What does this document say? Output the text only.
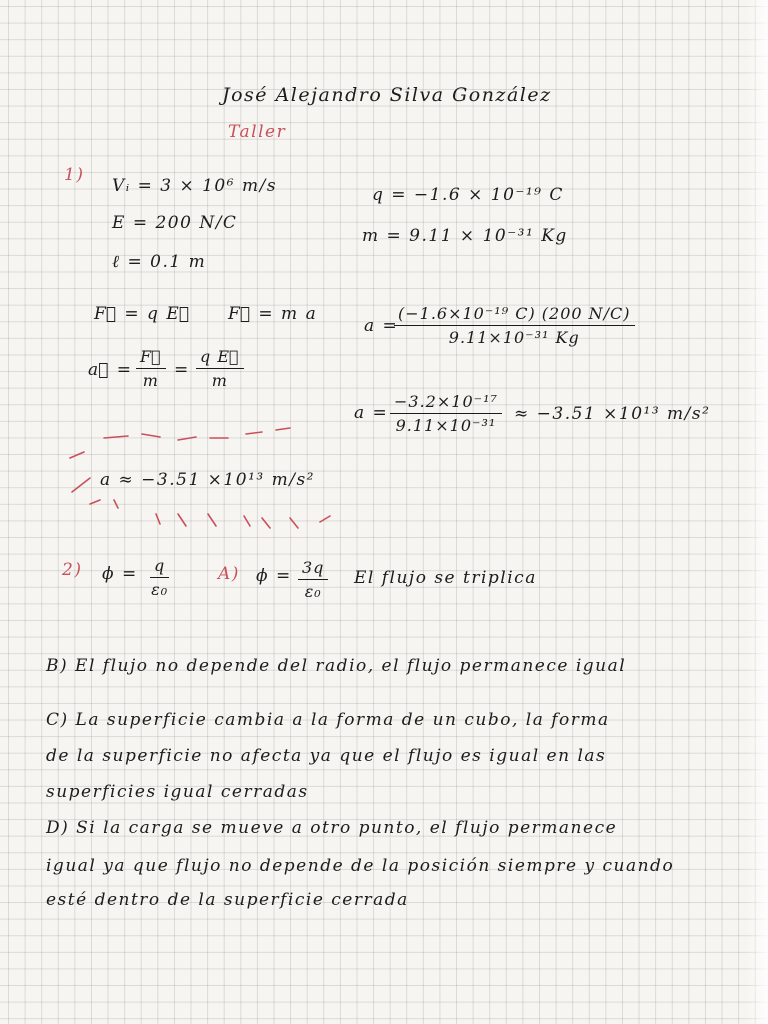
José Alejandro Silva González
Taller
1)
Vᵢ = 3 × 10⁶ m/s
E = 200 N/C
ℓ = 0.1 m
q = −1.6 × 10⁻¹⁹ C
m = 9.11 × 10⁻³¹ Kg
F⃗ = q E⃗ F⃗ = m a
a⃗ = $\frac{F⃗}{m} = \frac{\text{q E⃗}}{m}$
a =
$\frac{\text{(−1.6×10⁻¹⁹ C) (200 N/C)}}{\text{9.11×10⁻³¹ Kg}}$
$a = \frac{\text{−3.2×10⁻¹⁷}}{\text{9.11×10⁻³¹}} \approx -3.51 \times 10^{13}$ m/s²
a ≈ −3.51 ×10¹³ m/s²
2) $\phi = \frac{q}{\text{ε₀}}$	A) $\phi = \frac{3q}{\text{ε₀}}$ El flujo se triplica
B) El flujo no depende del radio, el flujo permanece igual
C) La superficie cambia a la forma de un cubo, la forma
de la superficie no afecta ya que el flujo es igual en las
superficies igual cerradas
D) Si la carga se mueve a otro punto, el flujo permanece
igual ya que flujo no depende de la posición siempre y cuando
esté dentro de la superficie cerrada
